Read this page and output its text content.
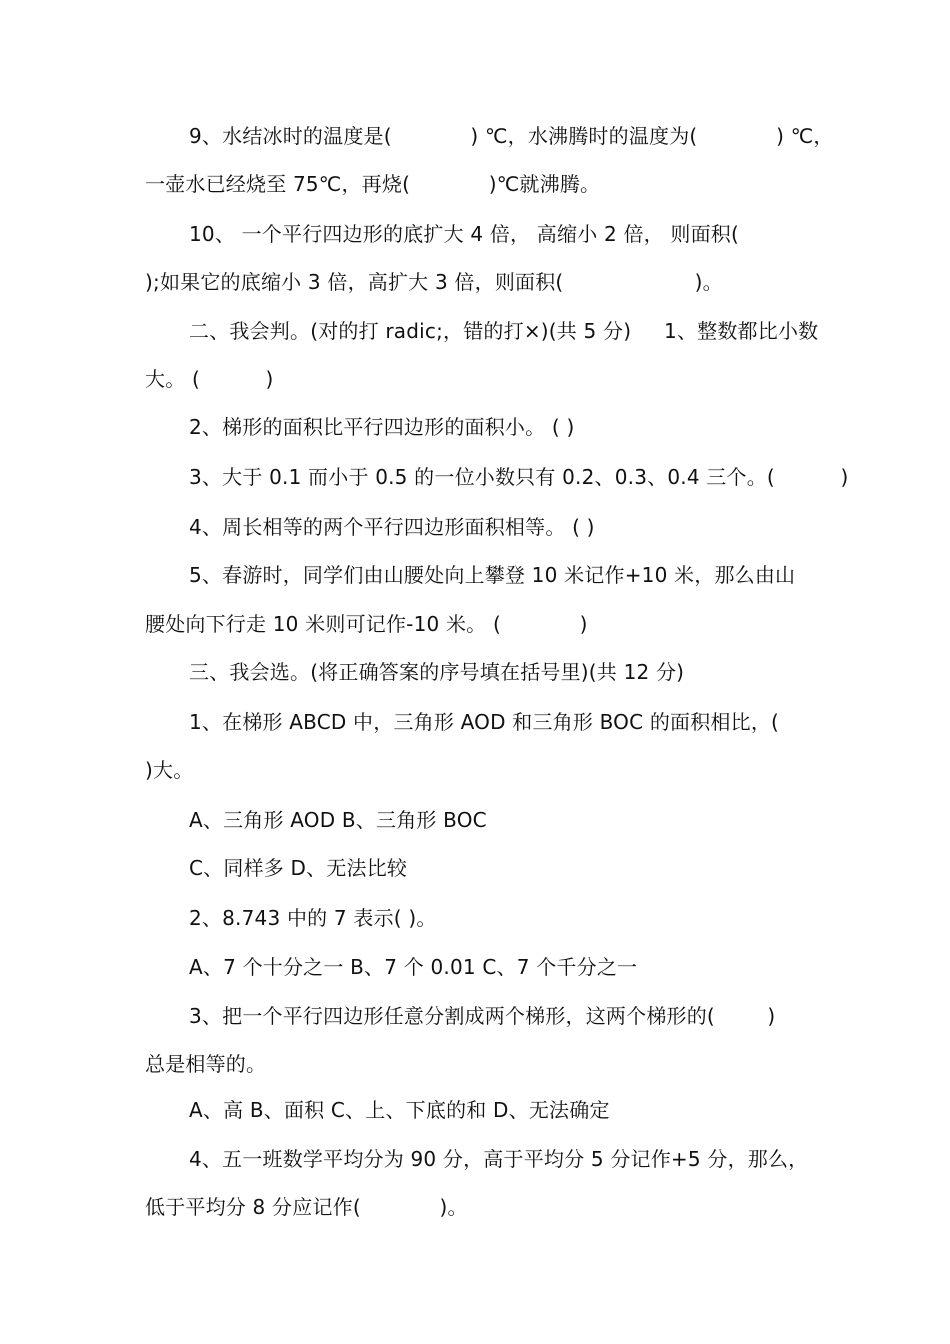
9、水结冰时的温度是(            ) ℃，水沸腾时的温度为(            ) ℃，
一壶水已经烧至 75℃，再烧(            )℃就沸腾。
10、 一个平行四边形的底扩大 4 倍， 高缩小 2 倍， 则面积(
);如果它的底缩小 3 倍，高扩大 3 倍，则面积(                    )。
二、我会判。(对的打 radic;，错的打×)(共 5 分)     1、整数都比小数
大。 (          )
2、梯形的面积比平行四边形的面积小。 ( )
3、大于 0.1 而小于 0.5 的一位小数只有 0.2、0.3、0.4 三个。(          )
4、周长相等的两个平行四边形面积相等。 ( )
5、春游时，同学们由山腰处向上攀登 10 米记作+10 米，那么由山
腰处向下行走 10 米则可记作-10 米。 (            )
三、我会选。(将正确答案的序号填在括号里)(共 12 分)
1、在梯形 ABCD 中，三角形 AOD 和三角形 BOC 的面积相比，(
)大。
A、三角形 AOD B、三角形 BOC
C、同样多 D、无法比较
2、8.743 中的 7 表示( )。
A、7 个十分之一 B、7 个 0.01 C、7 个千分之一
3、把一个平行四边形任意分割成两个梯形，这两个梯形的(        )
总是相等的。
A、高 B、面积 C、上、下底的和 D、无法确定
4、五一班数学平均分为 90 分，高于平均分 5 分记作+5 分，那么，
低于平均分 8 分应记作(            )。
